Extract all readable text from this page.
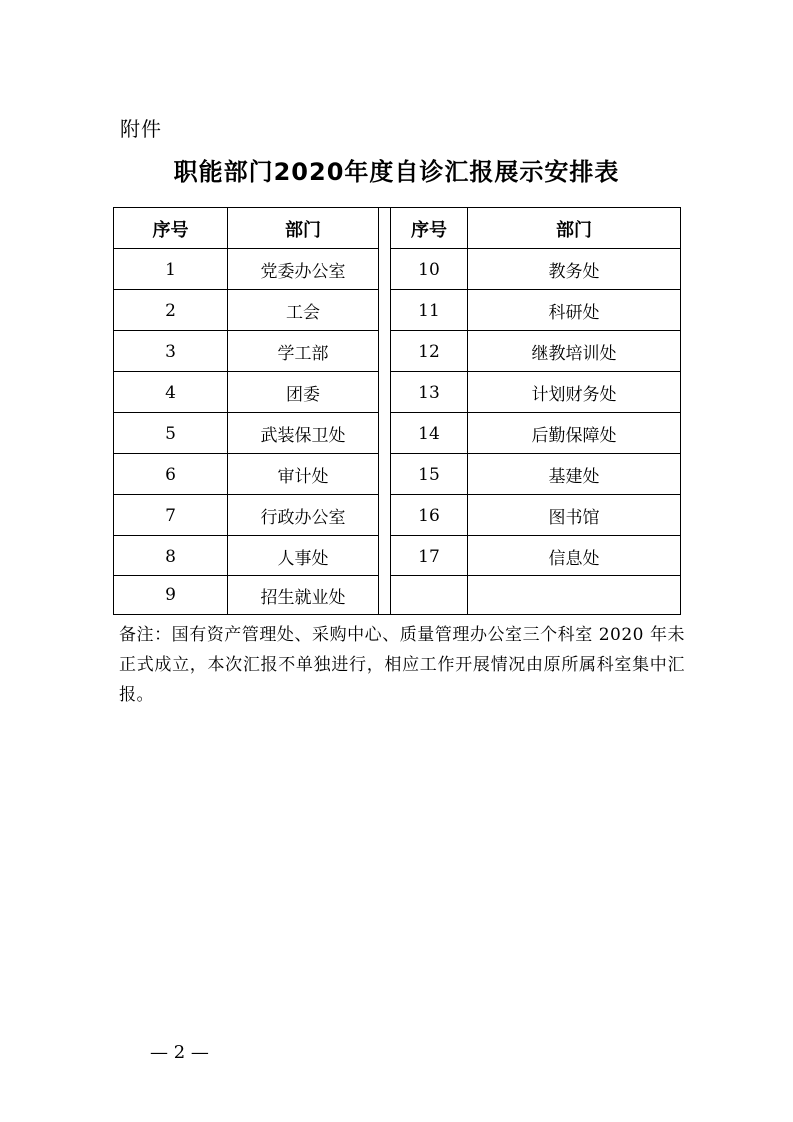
附件
职能部门2020年度自诊汇报展示安排表
序号	部门	序号	部门
1	党委办公室	10	教务处
2	工会	11	科研处
3	学工部	12	继教培训处
4	团委	13	计划财务处
5	武装保卫处	14	后勤保障处
6	审计处	15	基建处
7	行政办公室	16	图书馆
8	人事处	17	信息处
9	招生就业处
备注：国有资产管理处、采购中心、质量管理办公室三个科室 2020 年未正式成立，本次汇报不单独进行，相应工作开展情况由原所属科室集中汇报。
— 2 —
